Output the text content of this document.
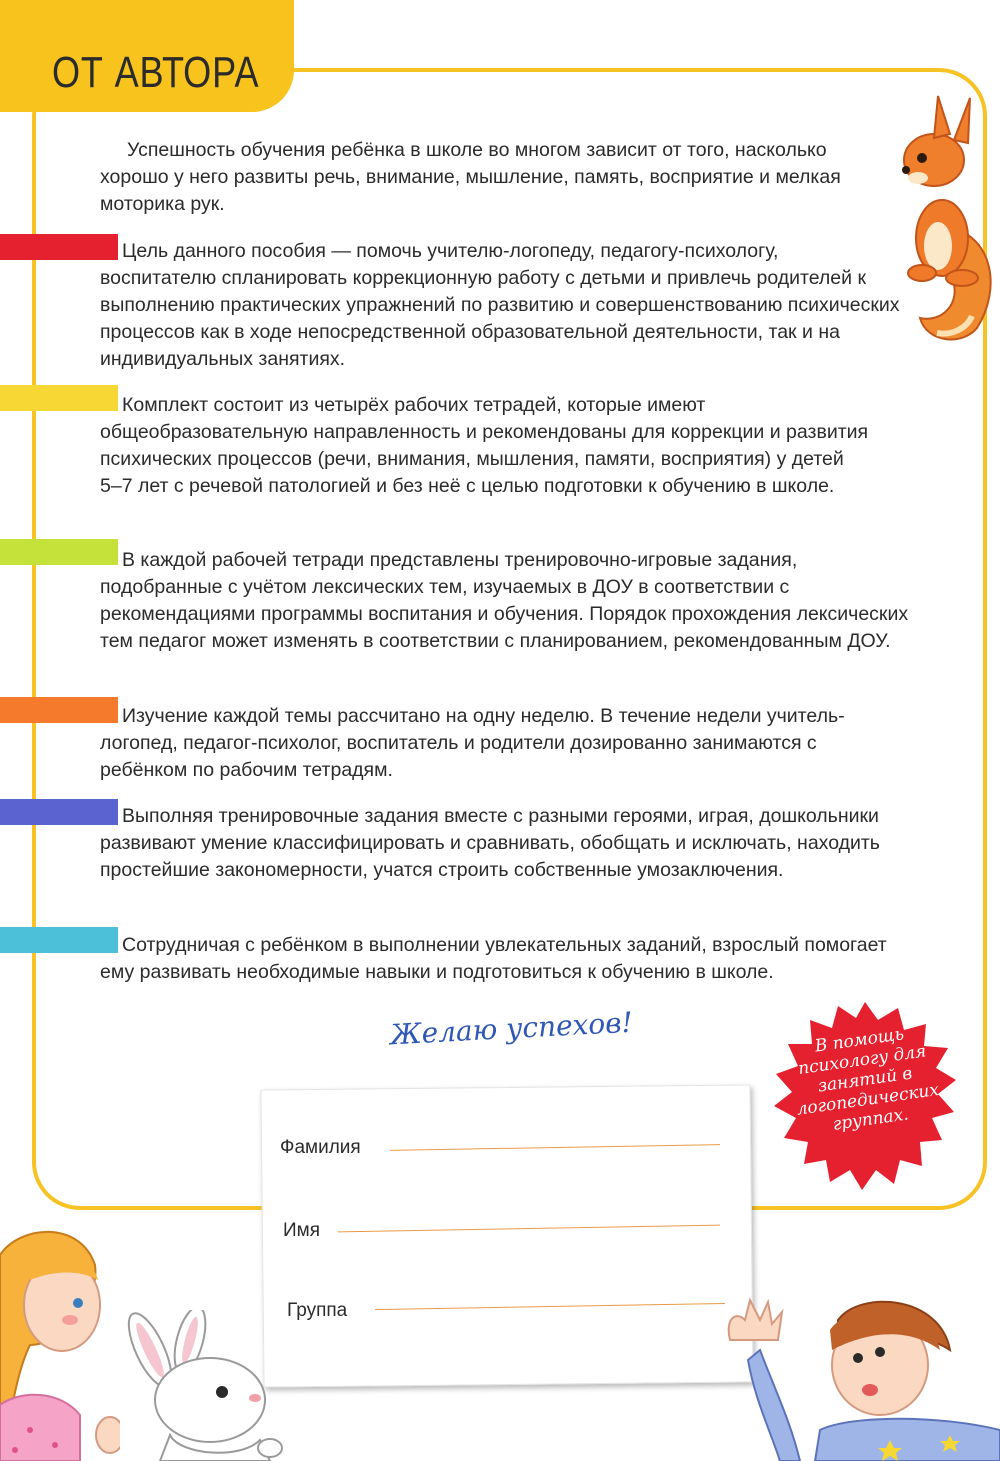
ОТ АВТОРА

Успешность обучения ребёнка в школе во многом зависит от того, насколько хорошо у него развиты речь, внимание, мышление, память, восприятие и мелкая моторика рук.

Цель данного пособия — помочь учителю-логопеду, педагогу-психологу, воспитателю спланировать коррекционную работу с детьми и привлечь родителей к выполнению практических упражнений по развитию и совершенствованию психических процессов как в ходе непосредственной образовательной деятельности, так и на индивидуальных занятиях.

Комплект состоит из четырёх рабочих тетрадей, которые имеют общеобразовательную направленность и рекомендованы для коррекции и развития психических процессов (речи, внимания, мышления, памяти, восприятия) у детей 5–7 лет с речевой патологией и без неё с целью подготовки к обучению в школе.

В каждой рабочей тетради представлены тренировочно-игровые задания, подобранные с учётом лексических тем, изучаемых в ДОУ в соответствии с рекомендациями программы воспитания и обучения. Порядок прохождения лексических тем педагог может изменять в соответствии с планированием, рекомендованным ДОУ.

Изучение каждой темы рассчитано на одну неделю. В течение недели учитель-логопед, педагог-психолог, воспитатель и родители дозированно занимаются с ребёнком по рабочим тетрадям.

Выполняя тренировочные задания вместе с разными героями, играя, дошкольники развивают умение классифицировать и сравнивать, обобщать и исключать, находить простейшие закономерности, учатся строить собственные умозаключения.

Сотрудничая с ребёнком в выполнении увлекательных заданий, взрослый помогает ему развивать необходимые навыки и подготовиться к обучению в школе.

Желаю успехов!
Фамилия
Имя
Группа
В помощь психологу для занятий в логопедических группах.
